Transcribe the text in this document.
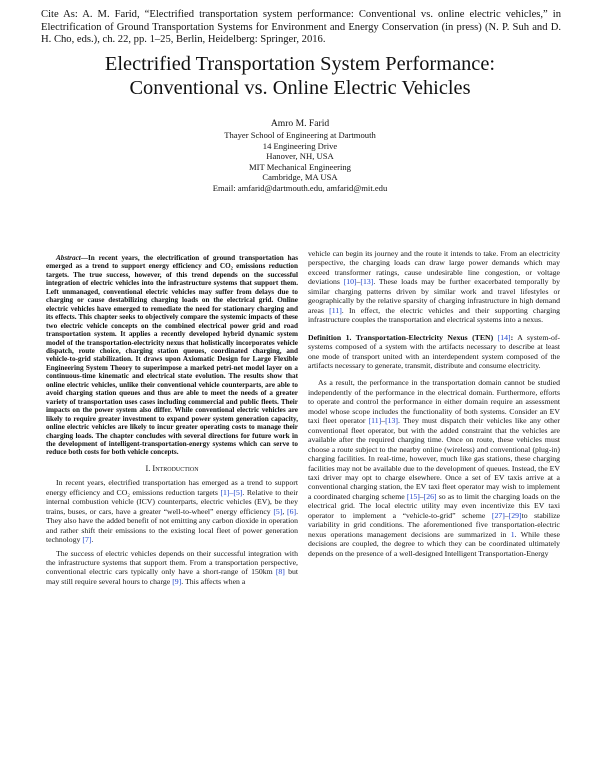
Cite As: A. M. Farid, “Electrified transportation system performance: Conventional vs. online electric vehicles,” in Electrification of Ground Transportation Systems for Environment and Energy Conservation (in press) (N. P. Suh and D. H. Cho, eds.), ch. 22, pp. 1–25, Berlin, Heidelberg: Springer, 2016.
Electrified Transportation System Performance:
Conventional vs. Online Electric Vehicles
Amro M. Farid
Thayer School of Engineering at Dartmouth
14 Engineering Drive
Hanover, NH, USA
MIT Mechanical Engineering
Cambridge, MA USA
Email: amfarid@dartmouth.edu, amfarid@mit.edu

Abstract—In recent years, the electrification of ground transportation has emerged as a trend to support energy efficiency and CO₂ emissions reduction targets. The true success, however, of this trend depends on the successful integration of electric vehicles into the infrastructure systems that support them. Left unmanaged, conventional electric vehicles may suffer from delays due to charging or cause destabilizing charging loads on the electrical grid. Online electric vehicles have emerged to remediate the need for stationary charging and its effects. This chapter seeks to objectively compare the systemic impacts of these two electric vehicle concepts on the combined electrical power grid and road transportation system. It applies a recently developed hybrid dynamic system model of the transportation-electricity nexus that holistically incorporates vehicle dispatch, route choice, charging station queues, coordinated charging, and vehicle-to-grid stabilization. It draws upon Axiomatic Design for Large Flexible Engineering System Theory to superimpose a marked petri-net model layer on a continuous-time kinematic and electrical state evolution. The results show that online electric vehicles, unlike their conventional vehicle counterparts, are able to avoid charging station queues and thus are able to meet the needs of a greater variety of transportation uses cases including commercial and public fleets. Their impacts on the power system also differ. While conventional electric vehicles are likely to require greater investment to expand power system generation capacity, online electric vehicles are likely to incur greater operating costs to manage their charging loads. The chapter concludes with several directions for future work in the development of intelligent-transportation-energy systems which can serve to reduce both costs for both vehicle concepts.

I. Introduction

In recent years, electrified transportation has emerged as a trend to support energy efficiency and CO₂ emissions reduction targets [1]–[5]. Relative to their internal combustion vehicle (ICV) counterparts, electric vehicles (EV), be they trains, buses, or cars, have a greater “well-to-wheel” energy efficiency [5], [6]. They also have the added benefit of not emitting any carbon dioxide in operation and rather shift their emissions to the existing local fleet of power generation technology [7].

The success of electric vehicles depends on their successful integration with the infrastructure systems that support them. From a transportation perspective, conventional electric cars typically only have a short-range of 150km [8] but may still require several hours to charge [9]. This affects when a

vehicle can begin its journey and the route it intends to take. From an electricity perspective, the charging loads can draw large power demands which may exceed transformer ratings, cause undesirable line congestion, or voltage deviations [10]–[13]. These loads may be further exacerbated temporally by similar charging patterns driven by similar work and travel lifestyles or geographically by the relative sparsity of charging infrastructure in high demand areas [11]. In effect, the electric vehicles and their supporting charging infrastructure couples the transportation and electrical systems into a nexus.

Definition 1. Transportation-Electricity Nexus (TEN) [14]: A system-of-systems composed of a system with the artifacts necessary to describe at least one mode of transport united with an interdependent system composed of the artifacts necessary to generate, transmit, distribute and consume electricity.

As a result, the performance in the transportation domain cannot be studied independently of the performance in the electrical domain. Furthermore, efforts to operate and control the performance in either domain require an assessment model whose scope includes the functionality of both systems. Consider an EV taxi fleet operator [11]–[13]. They must dispatch their vehicles like any other conventional fleet operator, but with the added constraint that the vehicles are available after the required charging time. Once on route, these vehicles must choose a route subject to the nearby online (wireless) and conventional (plug-in) charging facilities. In real-time, however, much like gas stations, these charging facilities may not be available due to the development of queues. Instead, the EV taxi driver may opt to charge elsewhere. Once a set of EV taxis arrive at a conventional charging station, the EV taxi fleet operator may wish to implement a coordinated charging scheme [15]–[26] so as to limit the charging loads on the electrical grid. The local electric utility may even incentivize this EV taxi operator to implement a “vehicle-to-grid” scheme [27]–[29]to stabilize variability in grid conditions. The aforementioned five transportation-electric nexus operations management decisions are summarized in 1. While these decisions are coupled, the degree to which they can be coordinated ultimately depends on the presence of a well-designed Intelligent Transportation-Energy
